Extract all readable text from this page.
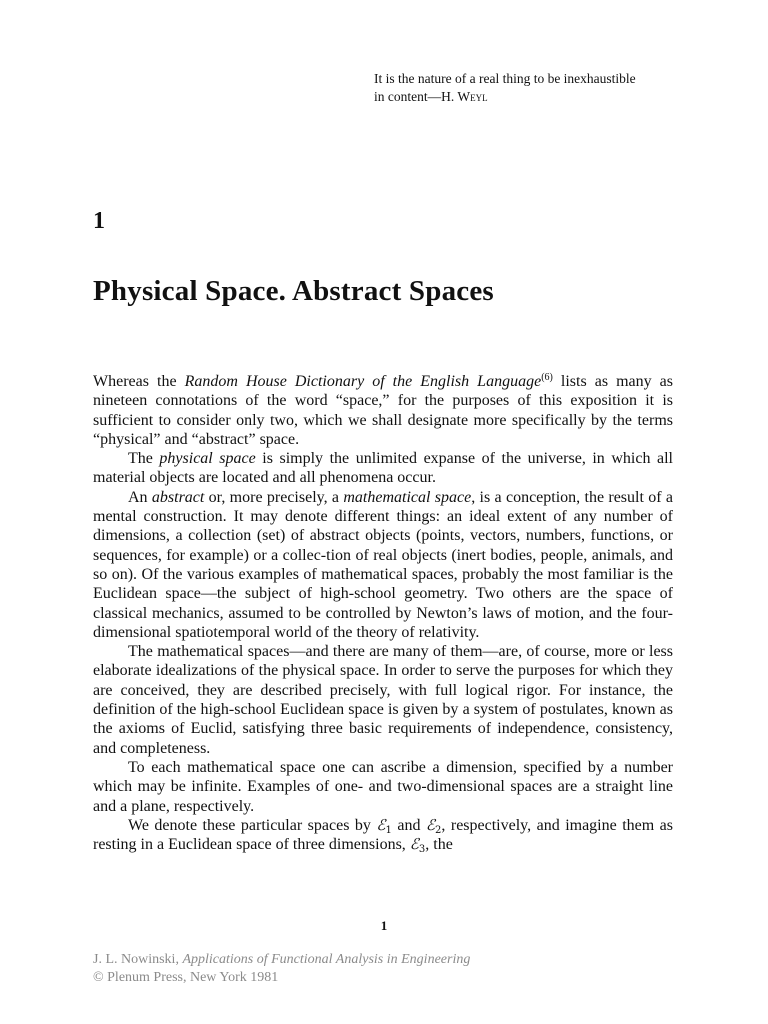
It is the nature of a real thing to be inexhaustible
in content—H. Weyl
1
Physical Space. Abstract Spaces

Whereas the Random House Dictionary of the English Language$^{(6)}$ lists as many as nineteen connotations of the word “space,” for the purposes of this exposition it is sufficient to consider only two, which we shall designate more specifically by the terms “physical” and “abstract” space.

The physical space is simply the unlimited expanse of the universe, in which all material objects are located and all phenomena occur.

An abstract or, more precisely, a mathematical space, is a conception, the result of a mental construction. It may denote different things: an ideal extent of any number of dimensions, a collection (set) of abstract objects (points, vectors, numbers, functions, or sequences, for example) or a collec-tion of real objects (inert bodies, people, animals, and so on). Of the various examples of mathematical spaces, probably the most familiar is the Euclidean space—the subject of high-school geometry. Two others are the space of classical mechanics, assumed to be controlled by Newton’s laws of motion, and the four-dimensional spatiotemporal world of the theory of relativity.

The mathematical spaces—and there are many of them—are, of course, more or less elaborate idealizations of the physical space. In order to serve the purposes for which they are conceived, they are described precisely, with full logical rigor. For instance, the definition of the high-school Euclidean space is given by a system of postulates, known as the axioms of Euclid, satisfying three basic requirements of independence, consistency, and completeness.

To each mathematical space one can ascribe a dimension, specified by a number which may be infinite. Examples of one- and two-dimensional spaces are a straight line and a plane, respectively.

We denote these particular spaces by ℰ$_1$ and ℰ$_2$, respectively, and imagine them as resting in a Euclidean space of three dimensions, ℰ$_3$, the

1
J. L. Nowinski, Applications of Functional Analysis in Engineering
© Plenum Press, New York 1981
